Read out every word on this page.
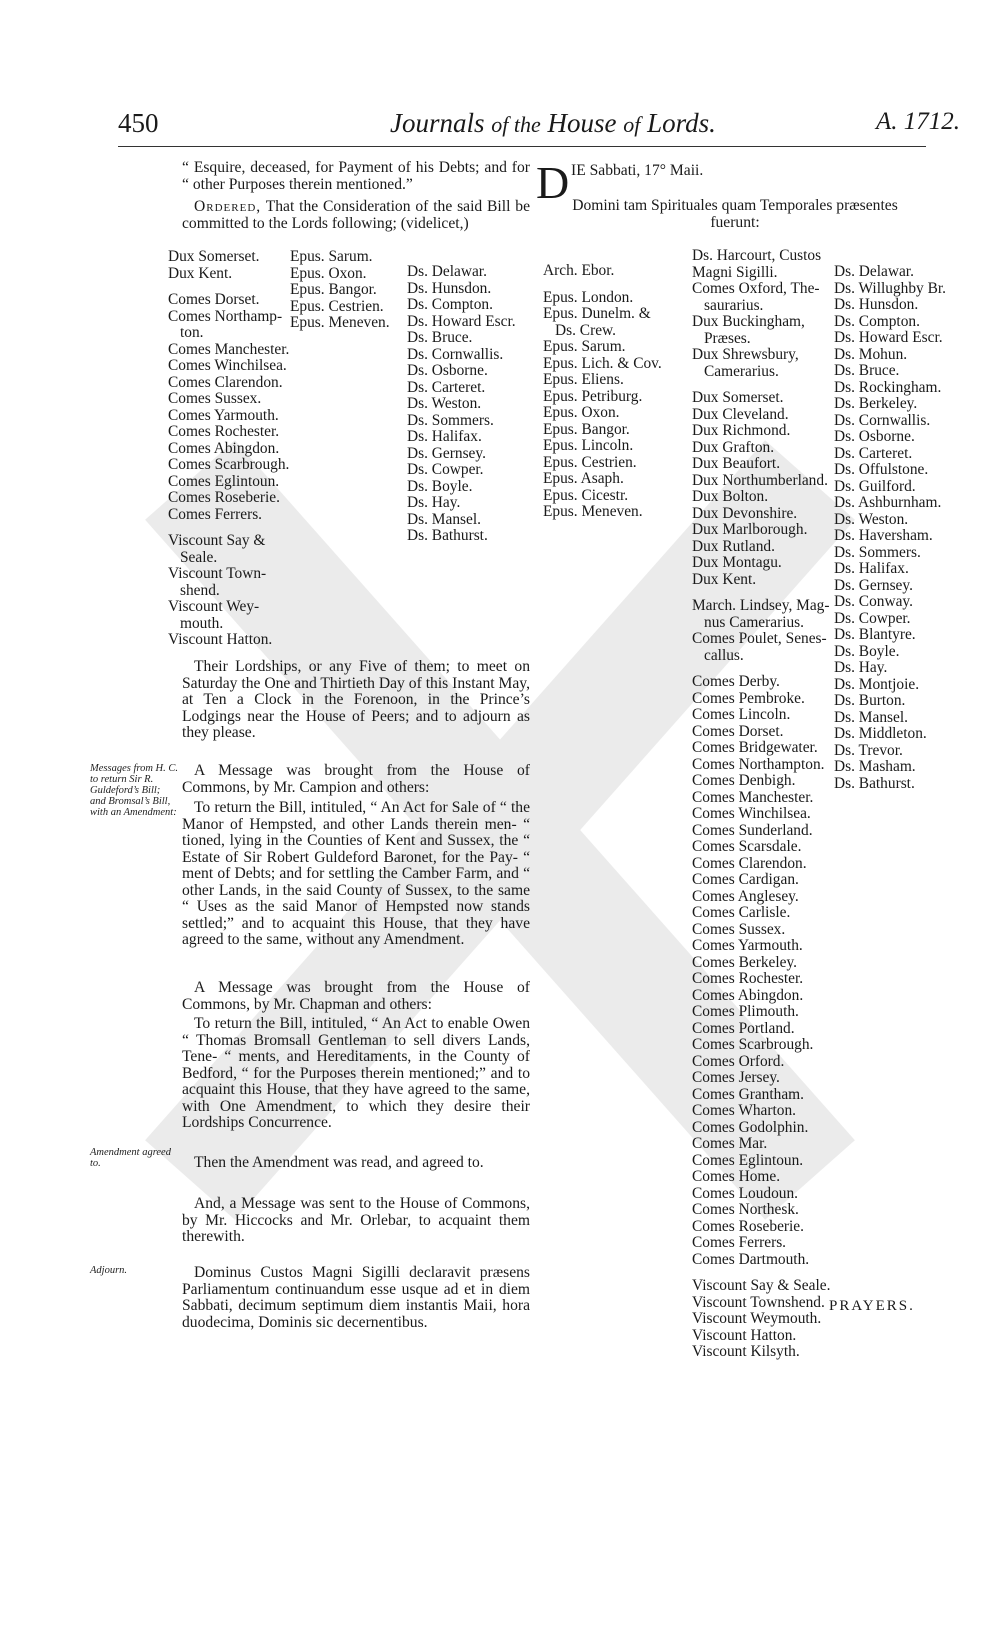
450	Journals of the House of Lords.	A. 1712.
“ Esquire, deceased, for Payment of his Debts; and for “ other Purposes therein mentioned.”
Ordered, That the Consideration of the said Bill be committed to the Lords following; (videlicet,)
Dux Somerset.
Dux Kent.
Comes Dorset.
Comes Northamp-
ton.
Comes Manchester.
Comes Winchilsea.
Comes Clarendon.
Comes Sussex.
Comes Yarmouth.
Comes Rochester.
Comes Abingdon.
Comes Scarbrough.
Comes Eglintoun.
Comes Roseberie.
Comes Ferrers.
Viscount Say &
Seale.
Viscount Town-
shend.
Viscount Wey-
mouth.
Viscount Hatton.
Epus. Sarum.
Epus. Oxon.
Epus. Bangor.
Epus. Cestrien.
Epus. Meneven.
Ds. Delawar.
Ds. Hunsdon.
Ds. Compton.
Ds. Howard Escr.
Ds. Bruce.
Ds. Cornwallis.
Ds. Osborne.
Ds. Carteret.
Ds. Weston.
Ds. Sommers.
Ds. Halifax.
Ds. Gernsey.
Ds. Cowper.
Ds. Boyle.
Ds. Hay.
Ds. Mansel.
Ds. Bathurst.
Their Lordships, or any Five of them; to meet on Saturday the One and Thirtieth Day of this Instant May, at Ten a Clock in the Forenoon, in the Prince’s Lodgings near the House of Peers; and to adjourn as they please.
Messages from H. C. to return Sir R. Guldeford’s Bill; and Bromsal’s Bill, with an Amendment:
A Message was brought from the House of Commons, by Mr. Campion and others:
To return the Bill, intituled, “ An Act for Sale of “ the Manor of Hempsted, and other Lands therein men- “ tioned, lying in the Counties of Kent and Sussex, the “ Estate of Sir Robert Guldeford Baronet, for the Pay- “ ment of Debts; and for settling the Camber Farm, and “ other Lands, in the said County of Sussex, to the same “ Uses as the said Manor of Hempsted now stands settled;” and to acquaint this House, that they have agreed to the same, without any Amendment.
A Message was brought from the House of Commons, by Mr. Chapman and others:
To return the Bill, intituled, “ An Act to enable Owen “ Thomas Bromsall Gentleman to sell divers Lands, Tene- “ ments, and Hereditaments, in the County of Bedford, “ for the Purposes therein mentioned;” and to acquaint this House, that they have agreed to the same, with One Amendment, to which they desire their Lordships Concurrence.
Amendment agreed to.	Then the Amendment was read, and agreed to.
And, a Message was sent to the House of Commons, by Mr. Hiccocks and Mr. Orlebar, to acquaint them therewith.
Adjourn.	Dominus Custos Magni Sigilli declaravit præsens Parliamentum continuandum esse usque ad et in diem Sabbati, decimum septimum diem instantis Maii, hora duodecima, Dominis sic decernentibus.
D IE Sabbati, 17° Maii.
Domini tam Spirituales quam Temporales præsentes fuerunt:
Arch. Ebor.
Epus. London.
Epus. Dunelm. &
Ds. Crew.
Epus. Sarum.
Epus. Lich. & Cov.
Epus. Eliens.
Epus. Petriburg.
Epus. Oxon.
Epus. Bangor.
Epus. Lincoln.
Epus. Cestrien.
Epus. Asaph.
Epus. Cicestr.
Epus. Meneven.
Ds. Harcourt, Custos
Magni Sigilli.
Comes Oxford, The-
saurarius.
Dux Buckingham,
Præses.
Dux Shrewsbury,
Camerarius.
Dux Somerset.
Dux Cleveland.
Dux Richmond.
Dux Grafton.
Dux Beaufort.
Dux Northumberland.
Dux Bolton.
Dux Devonshire.
Dux Marlborough.
Dux Rutland.
Dux Montagu.
Dux Kent.
March. Lindsey, Mag-
nus Camerarius.
Comes Poulet, Senes-
callus.
Comes Derby.
Comes Pembroke.
Comes Lincoln.
Comes Dorset.
Comes Bridgewater.
Comes Northampton.
Comes Denbigh.
Comes Manchester.
Comes Winchilsea.
Comes Sunderland.
Comes Scarsdale.
Comes Clarendon.
Comes Cardigan.
Comes Anglesey.
Comes Carlisle.
Comes Sussex.
Comes Yarmouth.
Comes Berkeley.
Comes Rochester.
Comes Abingdon.
Comes Plimouth.
Comes Portland.
Comes Scarbrough.
Comes Orford.
Comes Jersey.
Comes Grantham.
Comes Wharton.
Comes Godolphin.
Comes Mar.
Comes Eglintoun.
Comes Home.
Comes Loudoun.
Comes Northesk.
Comes Roseberie.
Comes Ferrers.
Comes Dartmouth.
Viscount Say & Seale.
Viscount Townshend.
Viscount Weymouth.
Viscount Hatton.
Viscount Kilsyth.
Ds. Delawar.
Ds. Willughby Br.
Ds. Hunsdon.
Ds. Compton.
Ds. Howard Escr.
Ds. Mohun.
Ds. Bruce.
Ds. Rockingham.
Ds. Berkeley.
Ds. Cornwallis.
Ds. Osborne.
Ds. Carteret.
Ds. Offulstone.
Ds. Guilford.
Ds. Ashburnham.
Ds. Weston.
Ds. Haversham.
Ds. Sommers.
Ds. Halifax.
Ds. Gernsey.
Ds. Conway.
Ds. Cowper.
Ds. Blantyre.
Ds. Boyle.
Ds. Hay.
Ds. Montjoie.
Ds. Burton.
Ds. Mansel.
Ds. Middleton.
Ds. Trevor.
Ds. Masham.
Ds. Bathurst.
PRAYERS.
